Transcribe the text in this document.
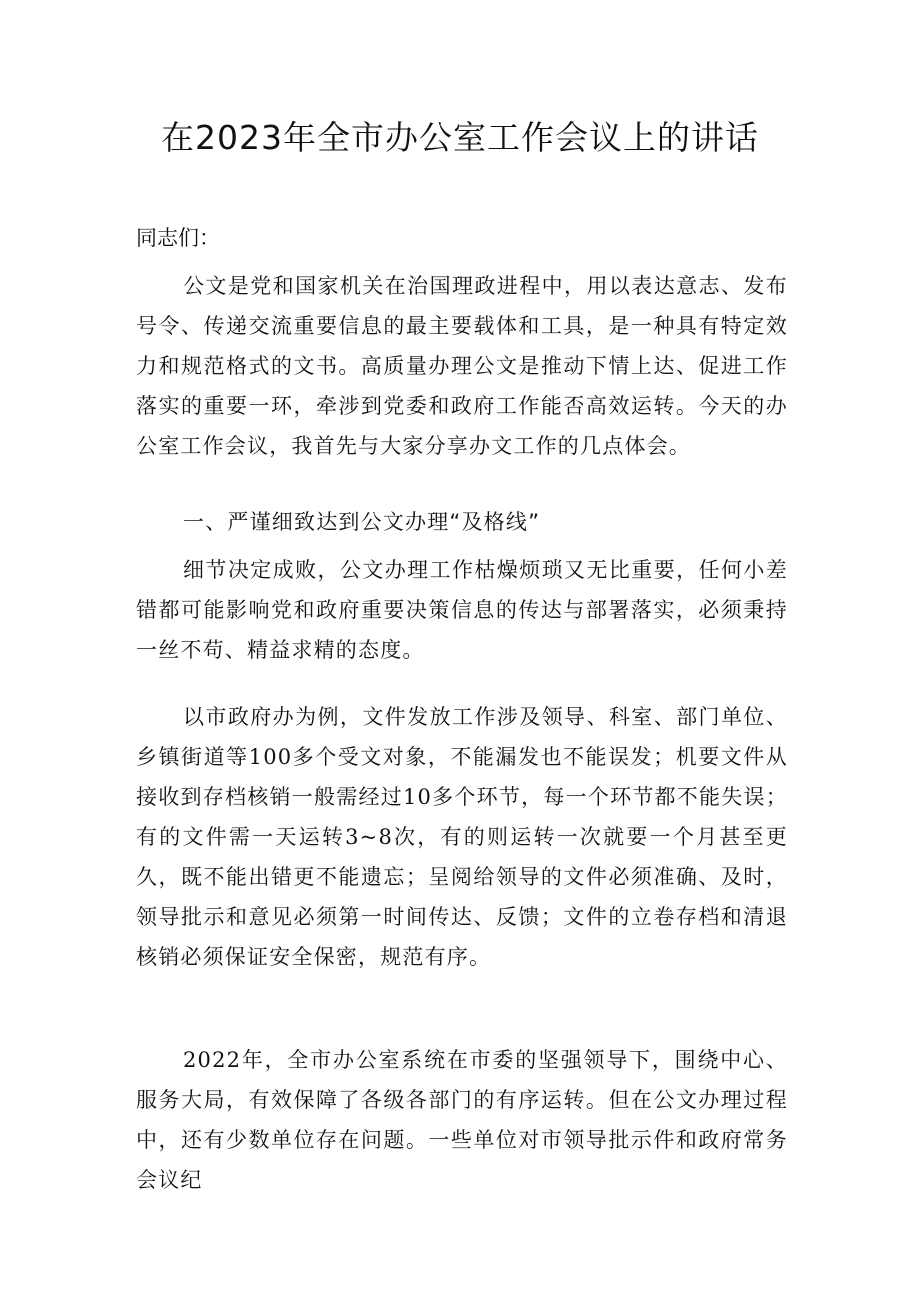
在2023年全市办公室工作会议上的讲话

同志们：

公文是党和国家机关在治国理政进程中，用以表达意志、发布号令、传递交流重要信息的最主要载体和工具，是一种具有特定效力和规范格式的文书。高质量办理公文是推动下情上达、促进工作落实的重要一环，牵涉到党委和政府工作能否高效运转。今天的办公室工作会议，我首先与大家分享办文工作的几点体会。

一、严谨细致达到公文办理“及格线”

细节决定成败，公文办理工作枯燥烦琐又无比重要，任何小差错都可能影响党和政府重要决策信息的传达与部署落实，必须秉持一丝不苟、精益求精的态度。

以市政府办为例，文件发放工作涉及领导、科室、部门单位、乡镇街道等100多个受文对象，不能漏发也不能误发；机要文件从接收到存档核销一般需经过10多个环节，每一个环节都不能失误；有的文件需一天运转3~8次，有的则运转一次就要一个月甚至更久，既不能出错更不能遗忘；呈阅给领导的文件必须准确、及时，领导批示和意见必须第一时间传达、反馈；文件的立卷存档和清退核销必须保证安全保密，规范有序。

2022年，全市办公室系统在市委的坚强领导下，围绕中心、服务大局，有效保障了各级各部门的有序运转。但在公文办理过程中，还有少数单位存在问题。一些单位对市领导批示件和政府常务会议纪
